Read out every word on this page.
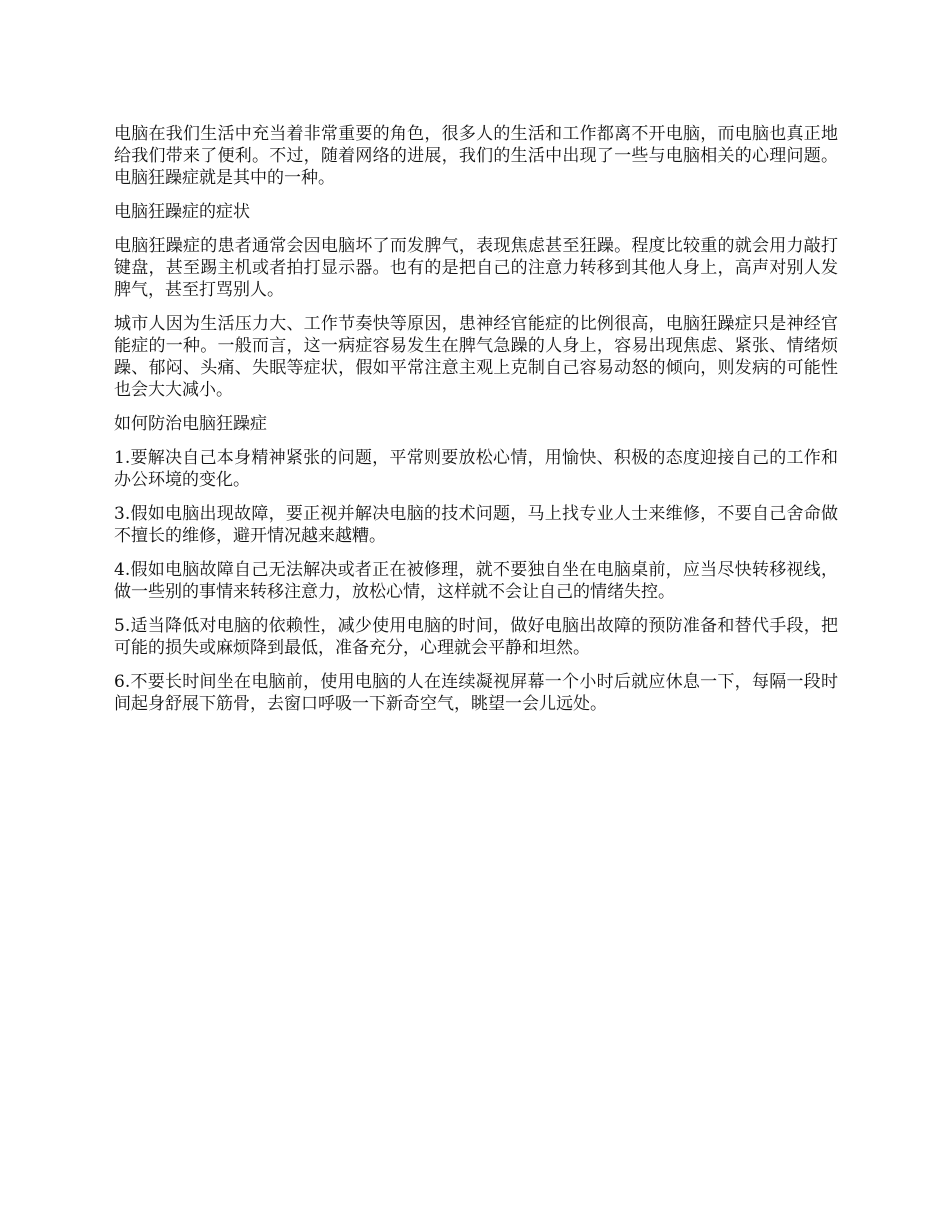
电脑在我们生活中充当着非常重要的角色，很多人的生活和工作都离不开电脑，而电脑也真正地给我们带来了便利。不过，随着网络的进展，我们的生活中出现了一些与电脑相关的心理问题。电脑狂躁症就是其中的一种。

电脑狂躁症的症状

电脑狂躁症的患者通常会因电脑坏了而发脾气，表现焦虑甚至狂躁。程度比较重的就会用力敲打键盘，甚至踢主机或者拍打显示器。也有的是把自己的注意力转移到其他人身上，高声对别人发脾气，甚至打骂别人。

城市人因为生活压力大、工作节奏快等原因，患神经官能症的比例很高，电脑狂躁症只是神经官能症的一种。一般而言，这一病症容易发生在脾气急躁的人身上，容易出现焦虑、紧张、情绪烦躁、郁闷、头痛、失眠等症状，假如平常注意主观上克制自己容易动怒的倾向，则发病的可能性也会大大减小。

如何防治电脑狂躁症

1.要解决自己本身精神紧张的问题，平常则要放松心情，用愉快、积极的态度迎接自己的工作和办公环境的变化。

3.假如电脑出现故障，要正视并解决电脑的技术问题，马上找专业人士来维修，不要自己舍命做不擅长的维修，避开情况越来越糟。

4.假如电脑故障自己无法解决或者正在被修理，就不要独自坐在电脑桌前，应当尽快转移视线，做一些别的事情来转移注意力，放松心情，这样就不会让自己的情绪失控。

5.适当降低对电脑的依赖性，减少使用电脑的时间，做好电脑出故障的预防准备和替代手段，把可能的损失或麻烦降到最低，准备充分，心理就会平静和坦然。

6.不要长时间坐在电脑前，使用电脑的人在连续凝视屏幕一个小时后就应休息一下，每隔一段时间起身舒展下筋骨，去窗口呼吸一下新奇空气，眺望一会儿远处。
